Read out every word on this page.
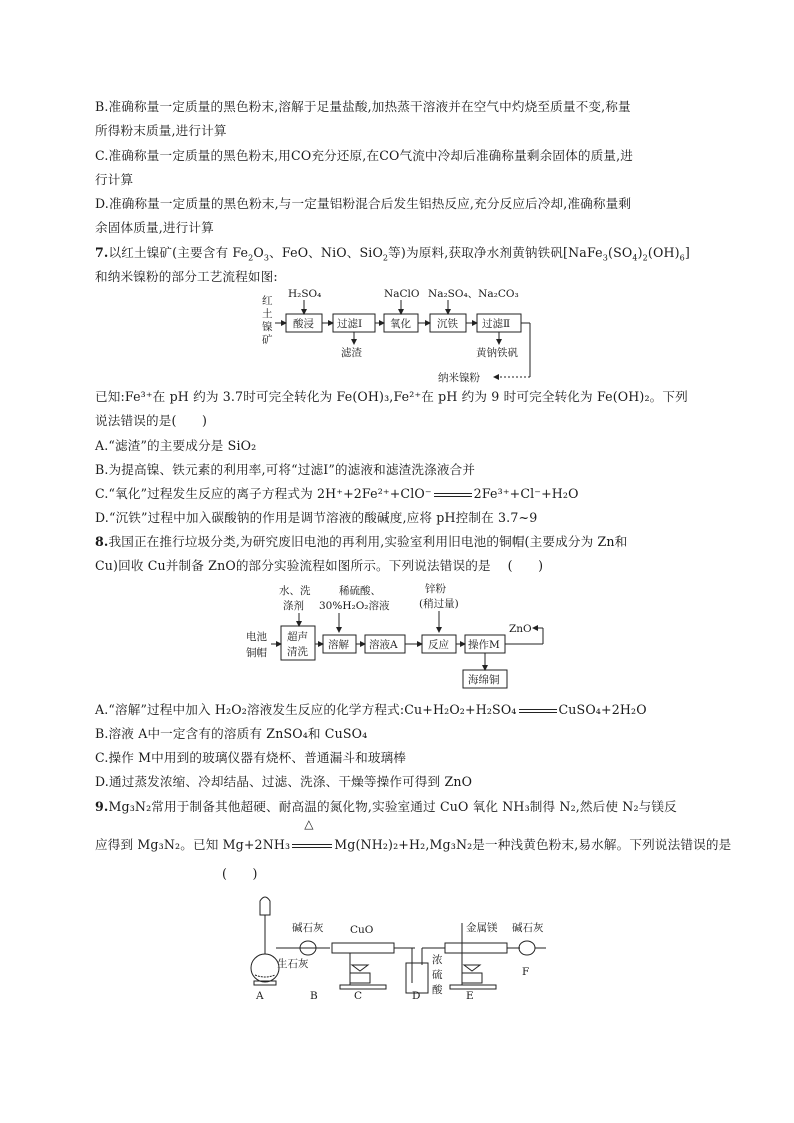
B.准确称量一定质量的黑色粉末,溶解于足量盐酸,加热蒸干溶液并在空气中灼烧至质量不变,称量
所得粉末质量,进行计算
C.准确称量一定质量的黑色粉末,用CO充分还原,在CO气流中冷却后准确称量剩余固体的质量,进
行计算
D.准确称量一定质量的黑色粉末,与一定量铝粉混合后发生铝热反应,充分反应后冷却,准确称量剩
余固体质量,进行计算
7.以红土镍矿(主要含有 $Fe_2O_3$、FeO、NiO、SiO$_2$等)为原料,获取净水剂黄钠铁矾$[NaFe_3(SO_4)_2(OH)_6]$
和纳米镍粉的部分工艺流程如图:
红
土
镍
矿
酸浸 过滤Ⅰ	氧化 沉铁 过滤Ⅱ
H₂SO₄	NaClO Na₂SO₄、Na₂CO₃
滤渣	黄钠铁矾
纳米镍粉
已知:Fe³⁺在 pH 约为 3.7时可完全转化为 Fe(OH)₃,Fe²⁺在 pH 约为 9 时可完全转化为 Fe(OH)₂。下列
说法错误的是(　　)
A.“滤渣”的主要成分是 SiO₂
B.为提高镍、铁元素的利用率,可将“过滤Ⅰ”的滤液和滤渣洗涤液合并
C.“氧化”过程发生反应的离子方程式为 2H⁺+2Fe²⁺+ClO⁻	2Fe³⁺+Cl⁻+H₂O
D.“沉铁”过程中加入碳酸钠的作用是调节溶液的酸碱度,应将 pH控制在 3.7~9
8.我国正在推行垃圾分类,为研究废旧电池的再利用,实验室利用旧电池的铜帽(主要成分为 Zn和
Cu)回收 Cu并制备 ZnO的部分实验流程如图所示。下列说法错误的是　 (　　)
水、洗
涤剂
稀硫酸、
30%H₂O₂溶液
锌粉
(稍过量)
电池
铜帽
超声
清洗
溶解 溶液A	反应 操作M
ZnO
海绵铜
A.“溶解”过程中加入 H₂O₂溶液发生反应的化学方程式:Cu+H₂O₂+H₂SO₄	CuSO₄+2H₂O
B.溶液 A中一定含有的溶质有 ZnSO₄和 CuSO₄
C.操作 M中用到的玻璃仪器有烧杯、普通漏斗和玻璃棒
D.通过蒸发浓缩、冷却结晶、过滤、洗涤、干燥等操作可得到 ZnO
9.Mg₃N₂常用于制备其他超硬、耐高温的氮化物,实验室通过 CuO 氧化 NH₃制得 N₂,然后使 N₂与镁反
应得到 Mg₃N₂。已知 Mg+2NH₃
△
Mg(NH₂)₂+H₂,Mg₃N₂是一种浅黄色粉末,易水解。下列说法错误的是
(　　)
碱石灰	CuO	金属镁 碱石灰
生石灰	浓
硫
酸
A	B	C	D	E
F
